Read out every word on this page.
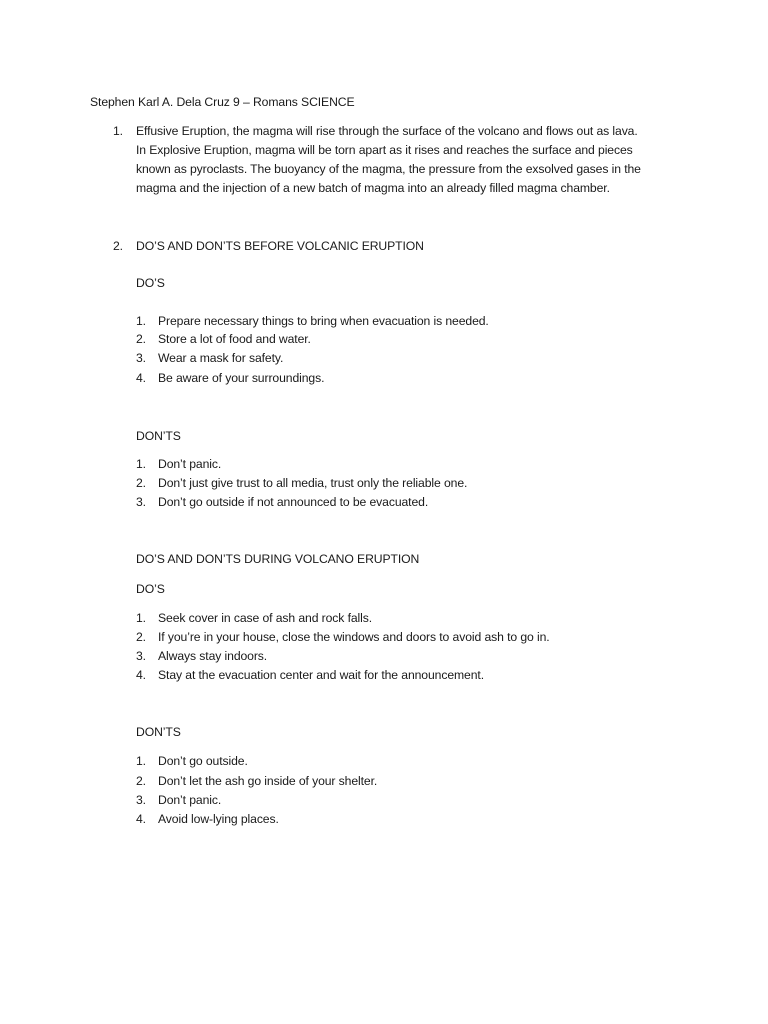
Stephen Karl A. Dela Cruz 9 – Romans SCIENCE
1. Effusive Eruption, the magma will rise through the surface of the volcano and flows out as lava.
In Explosive Eruption, magma will be torn apart as it rises and reaches the surface and pieces
known as pyroclasts. The buoyancy of the magma, the pressure from the exsolved gases in the
magma and the injection of a new batch of magma into an already filled magma chamber.
2. DO’S AND DON’TS BEFORE VOLCANIC ERUPTION
DO’S
1. Prepare necessary things to bring when evacuation is needed.
2. Store a lot of food and water.
3. Wear a mask for safety.
4. Be aware of your surroundings.
DON’TS
1. Don’t panic.
2. Don’t just give trust to all media, trust only the reliable one.
3. Don’t go outside if not announced to be evacuated.
DO’S AND DON’TS DURING VOLCANO ERUPTION
DO’S
1. Seek cover in case of ash and rock falls.
2. If you’re in your house, close the windows and doors to avoid ash to go in.
3. Always stay indoors.
4. Stay at the evacuation center and wait for the announcement.
DON’TS
1. Don’t go outside.
2. Don’t let the ash go inside of your shelter.
3. Don’t panic.
4. Avoid low-lying places.
